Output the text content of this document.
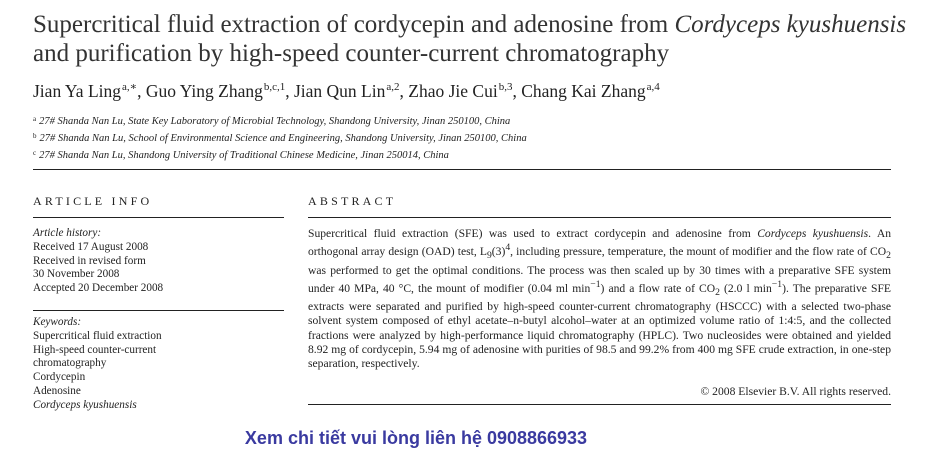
Supercritical fluid extraction of cordycepin and adenosine from Cordyceps kyushuensis and purification by high-speed counter-current chromatography
Jian Ya Ling$^{a,∗}$, Guo Ying Zhang$^{b,c,1}$, Jian Qun Lin$^{a,2}$, Zhao Jie Cui$^{b,3}$, Chang Kai Zhang$^{a,4}$
$^a$ 27# Shanda Nan Lu, State Key Laboratory of Microbial Technology, Shandong University, Jinan 250100, China
$^b$ 27# Shanda Nan Lu, School of Environmental Science and Engineering, Shandong University, Jinan 250100, China
$^c$ 27# Shanda Nan Lu, Shandong University of Traditional Chinese Medicine, Jinan 250014, China
ARTICLE INFO	ABSTRACT
Article history:
Received 17 August 2008
Received in revised form
30 November 2008
Accepted 20 December 2008
Keywords:
Supercritical fluid extraction
High-speed counter-current
chromatography
Cordycepin
Adenosine
Cordyceps kyushuensis
Supercritical fluid extraction (SFE) was used to extract cordycepin and adenosine from Cordyceps kyushuensis. An orthogonal array design (OAD) test, $L_9(3)^4$, including pressure, temperature, the mount of modifier and the flow rate of $CO_2$ was performed to get the optimal conditions. The process was then scaled up by 30 times with a preparative SFE system under 40 MPa, 40 °C, the mount of modifier (0.04 ml $\min^{-1}$) and a flow rate of $CO_2$ (2.0 l $\min^{-1}$). The preparative SFE extracts were separated and purified by high-speed counter-current chromatography (HSCCC) with a selected two-phase solvent system composed of ethyl acetate–n-butyl alcohol–water at an optimized volume ratio of 1:4:5, and the collected fractions were analyzed by high-performance liquid chromatography (HPLC). Two nucleosides were obtained and yielded 8.92 mg of cordycepin, 5.94 mg of adenosine with purities of 98.5 and 99.2% from 400 mg SFE crude extraction, in one-step separation, respectively.
© 2008 Elsevier B.V. All rights reserved.
Xem chi tiết vui lòng liên hệ 0908866933
